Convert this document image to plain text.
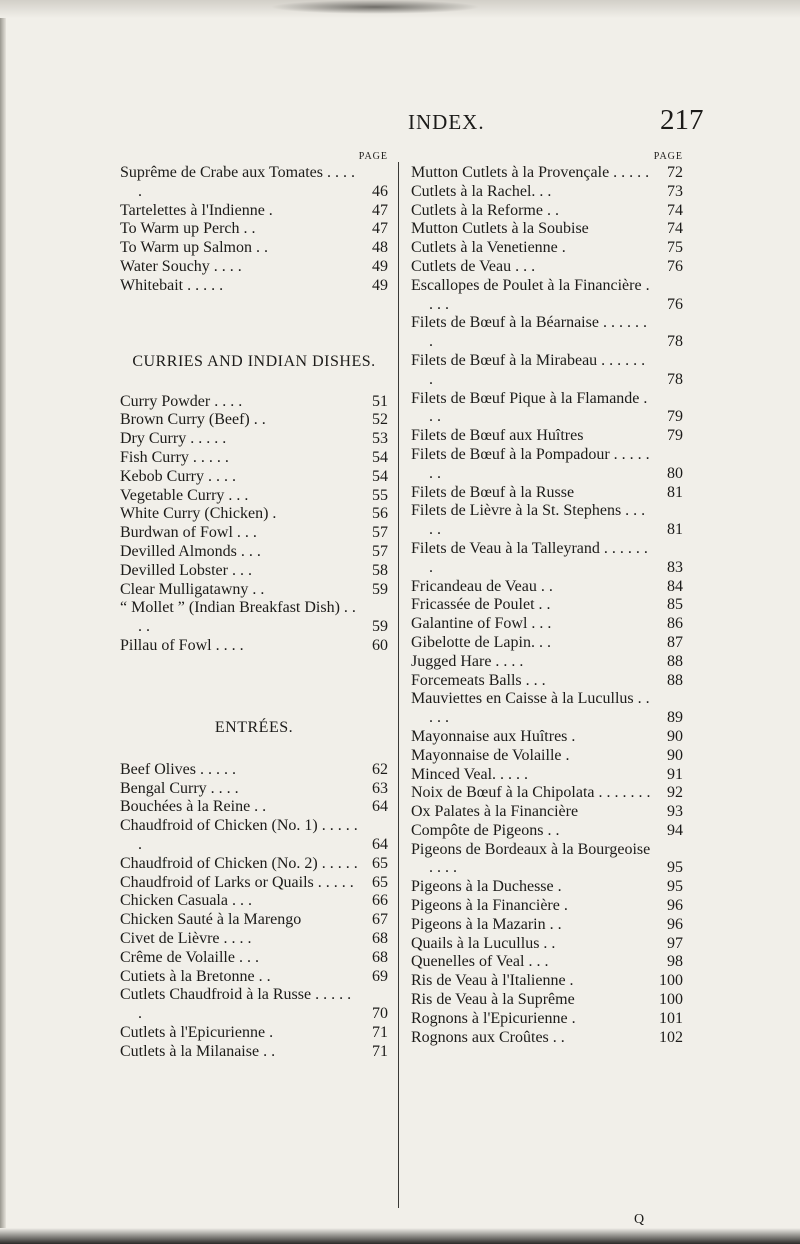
INDEX.	217
PAGE
Suprême de Crabe aux Tomates . . . . .	46
Tartelettes à l'Indienne .	47
To Warm up Perch . .	47
To Warm up Salmon . .	48
Water Souchy . . . .	49
Whitebait . . . . .	49
CURRIES AND INDIAN DISHES.
Curry Powder . . . .	51
Brown Curry (Beef) . .	52
Dry Curry . . . . .	53
Fish Curry . . . . .	54
Kebob Curry . . . .	54
Vegetable Curry . . .	55
White Curry (Chicken) .	56
Burdwan of Fowl . . .	57
Devilled Almonds . . .	57
Devilled Lobster . . .	58
Clear Mulligatawny . .	59
“ Mollet ” (Indian Breakfast Dish) . . . .	59
Pillau of Fowl . . . .	60
ENTRÉES.
Beef Olives . . . . .	62
Bengal Curry . . . .	63
Bouchées à la Reine . .	64
Chaudfroid of Chicken (No. 1) . . . . . .	64
Chaudfroid of Chicken (No. 2) . . . . . 65
Chaudfroid of Larks or Quails . . . . .	65
Chicken Casuala . . .	66
Chicken Sauté à la Marengo	67
Civet de Lièvre . . . .	68
Crême de Volaille . . .	68
Cutiets à la Bretonne . .	69
Cutlets Chaudfroid à la Russe . . . . . .	70
Cutlets à l'Epicurienne .	71
Cutlets à la Milanaise . .	71
PAGE
Mutton Cutlets à la Provençale . . . . .	72
Cutlets à la Rachel. . .	73
Cutlets à la Reforme . .	74
Mutton Cutlets à la Soubise	74
Cutlets à la Venetienne .	75
Cutlets de Veau . . .	76
Escallopes de Poulet à la Financière . . . .	76
Filets de Bœuf à la Béarnaise . . . . . . .	78
Filets de Bœuf à la Mirabeau . . . . . . .	78
Filets de Bœuf Pique à la Flamande . . .	79
Filets de Bœuf aux Huîtres	79
Filets de Bœuf à la Pompadour . . . . . . .	80
Filets de Bœuf à la Russe	81
Filets de Lièvre à la St. Stephens . . . . .	81
Filets de Veau à la Talleyrand . . . . . . .	83
Fricandeau de Veau . .	84
Fricassée de Poulet . .	85
Galantine of Fowl . . .	86
Gibelotte de Lapin. . .	87
Jugged Hare . . . .	88
Forcemeats Balls . . .	88
Mauviettes en Caisse à la Lucullus . . . . .	89
Mayonnaise aux Huîtres .	90
Mayonnaise de Volaille .	90
Minced Veal. . . . .	91
Noix de Bœuf à la Chipolata . . . . . . .	92
Ox Palates à la Financière	93
Compôte de Pigeons . .	94
Pigeons de Bordeaux à la Bourgeoise . . . .	95
Pigeons à la Duchesse .	95
Pigeons à la Financière .	96
Pigeons à la Mazarin . .	96
Quails à la Lucullus . .	97
Quenelles of Veal . . .	98
Ris de Veau à l'Italienne .	100
Ris de Veau à la Suprême	100
Rognons à l'Epicurienne .	101
Rognons aux Croûtes . .	102
Q
